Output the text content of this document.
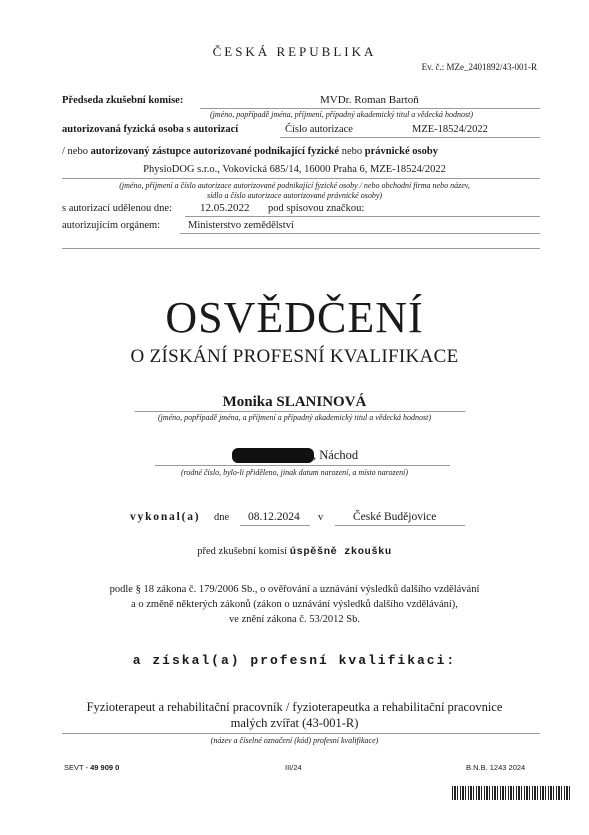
ČESKÁ REPUBLIKA
Ev. č.: MZe_2401892/43-001-R
Předseda zkušební komise:	MVDr. Roman Bartoň
(jméno, popřípadě jména, příjmení, případný akademický titul a vědecká hodnost)
autorizovaná fyzická osoba s autorizací	Číslo autorizace	MZE-18524/2022
/ nebo autorizovaný zástupce autorizované podnikající fyzické nebo právnické osoby
PhysioDOG s.r.o., Vokovická 685/14, 16000 Praha 6, MZE-18524/2022
(jméno, příjmení a číslo autorizace autorizované podnikající fyzické osoby / nebo obchodní firma nebo název,
sídlo a číslo autorizace autorizované právnické osoby)
s autorizací udělenou dne:	12.05.2022 pod spisovou značkou:
autorizujícím orgánem:	Ministerstvo zemědělství
OSVĚDČENÍ
O ZÍSKÁNÍ PROFESNÍ KVALIFIKACE
Monika SLANINOVÁ
(jméno, popřípadě jména, a příjmení a případný akademický titul a vědecká hodnost)
, Náchod
(rodné číslo, bylo-li přiděleno, jinak datum narození, a místo narození)
vykonal(a) dne 08.12.2024 v	České Budějovice
před zkušební komisí úspěšně zkoušku
podle § 18 zákona č. 179/2006 Sb., o ověřování a uznávání výsledků dalšího vzdělávání
a o změně některých zákonů (zákon o uznávání výsledků dalšího vzdělávání),
ve znění zákona č. 53/2012 Sb.
a získal(a) profesní kvalifikaci:
Fyzioterapeut a rehabilitační pracovník / fyzioterapeutka a rehabilitační pracovnice
malých zvířat (43-001-R)
(název a číselné označení (kód) profesní kvalifikace)
SEVT - 49 909 0	III/24	B.N.B. 1243 2024
